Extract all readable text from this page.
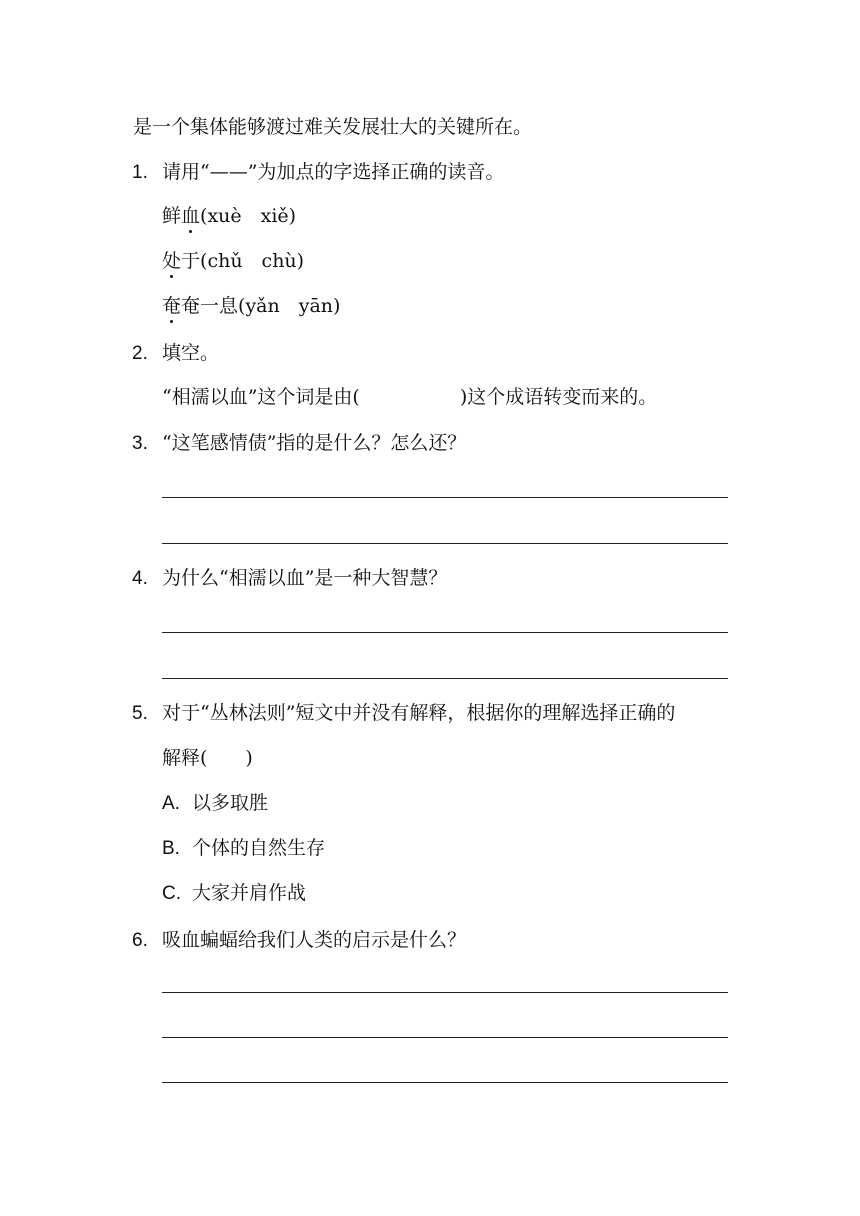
是一个集体能够渡过难关发展壮大的关键所在。
1. 请用“——”为加点的字选择正确的读音。
鲜血(xuè　xiě)
处于(chǔ　chù)
奄奄一息(yǎn　yān)
2. 填空。
“相濡以血”这个词是由(	)这个成语转变而来的。
3. “这笔感情债”指的是什么？怎么还？
4. 为什么“相濡以血”是一种大智慧？
5. 对于“丛林法则”短文中并没有解释，根据你的理解选择正确的
解释( )
A. 以多取胜
B. 个体的自然生存
C. 大家并肩作战
6. 吸血蝙蝠给我们人类的启示是什么？
